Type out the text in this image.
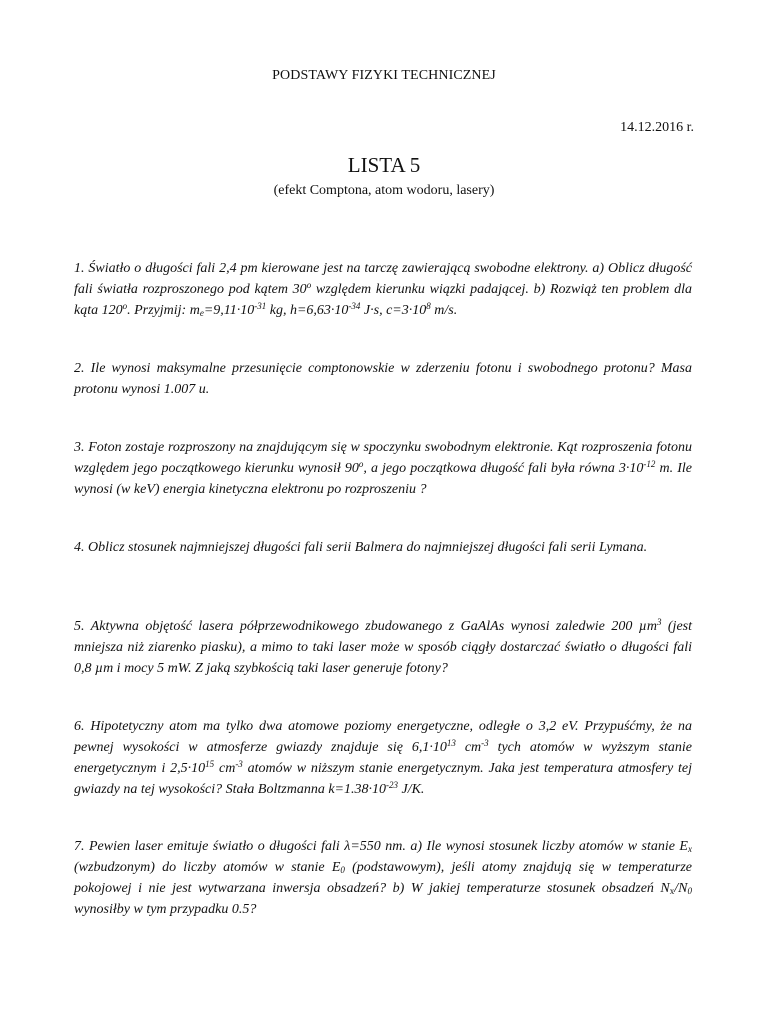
PODSTAWY FIZYKI TECHNICZNEJ
14.12.2016 r.
LISTA 5
(efekt Comptona, atom wodoru, lasery)
1. Światło o długości fali 2,4 pm kierowane jest na tarczę zawierającą swobodne elektrony. a) Oblicz długość fali światła rozproszonego pod kątem 30$^o$ względem kierunku wiązki padającej. b) Rozwiąż ten problem dla kąta 120$^o$. Przyjmij: $m_e=9,11\cdot 10^{-31}$ kg, $h=6,63\cdot 10^{-34}$ J·s, $c=3\cdot 10^8$ m/s.
2. Ile wynosi maksymalne przesunięcie comptonowskie w zderzeniu fotonu i swobodnego protonu? Masa protonu wynosi 1.007 u.
3. Foton zostaje rozproszony na znajdującym się w spoczynku swobodnym elektronie. Kąt rozproszenia fotonu względem jego początkowego kierunku wynosił 90$^o$, a jego początkowa długość fali była równa $3\cdot 10^{-12}$ m. Ile wynosi (w keV) energia kinetyczna elektronu po rozproszeniu ?
4. Oblicz stosunek najmniejszej długości fali serii Balmera do najmniejszej długości fali serii Lymana.
5. Aktywna objętość lasera półprzewodnikowego zbudowanego z GaAlAs wynosi zaledwie 200 µm$^3$ (jest mniejsza niż ziarenko piasku), a mimo to taki laser może w sposób ciągły dostarczać światło o długości fali 0,8 µm i mocy 5 mW. Z jaką szybkością taki laser generuje fotony?
6. Hipotetyczny atom ma tylko dwa atomowe poziomy energetyczne, odległe o 3,2 eV. Przypuśćmy, że na pewnej wysokości w atmosferze gwiazdy znajduje się $6,1\cdot 10^{13}$ $cm^{-3}$ tych atomów w wyższym stanie energetycznym i $2,5\cdot 10^{15}$ $cm^{-3}$ atomów w niższym stanie energetycznym. Jaka jest temperatura atmosfery tej gwiazdy na tej wysokości? Stała Boltzmanna $k=1.38\cdot 10^{-23}$ J/K.
7. Pewien laser emituje światło o długości fali λ=550 nm. a) Ile wynosi stosunek liczby atomów w stanie $E_x$ (wzbudzonym) do liczby atomów w stanie $E_0$ (podstawowym), jeśli atomy znajdują się w temperaturze pokojowej i nie jest wytwarzana inwersja obsadzeń? b) W jakiej temperaturze stosunek obsadzeń $N_x/N_0$ wynosiłby w tym przypadku 0.5?
